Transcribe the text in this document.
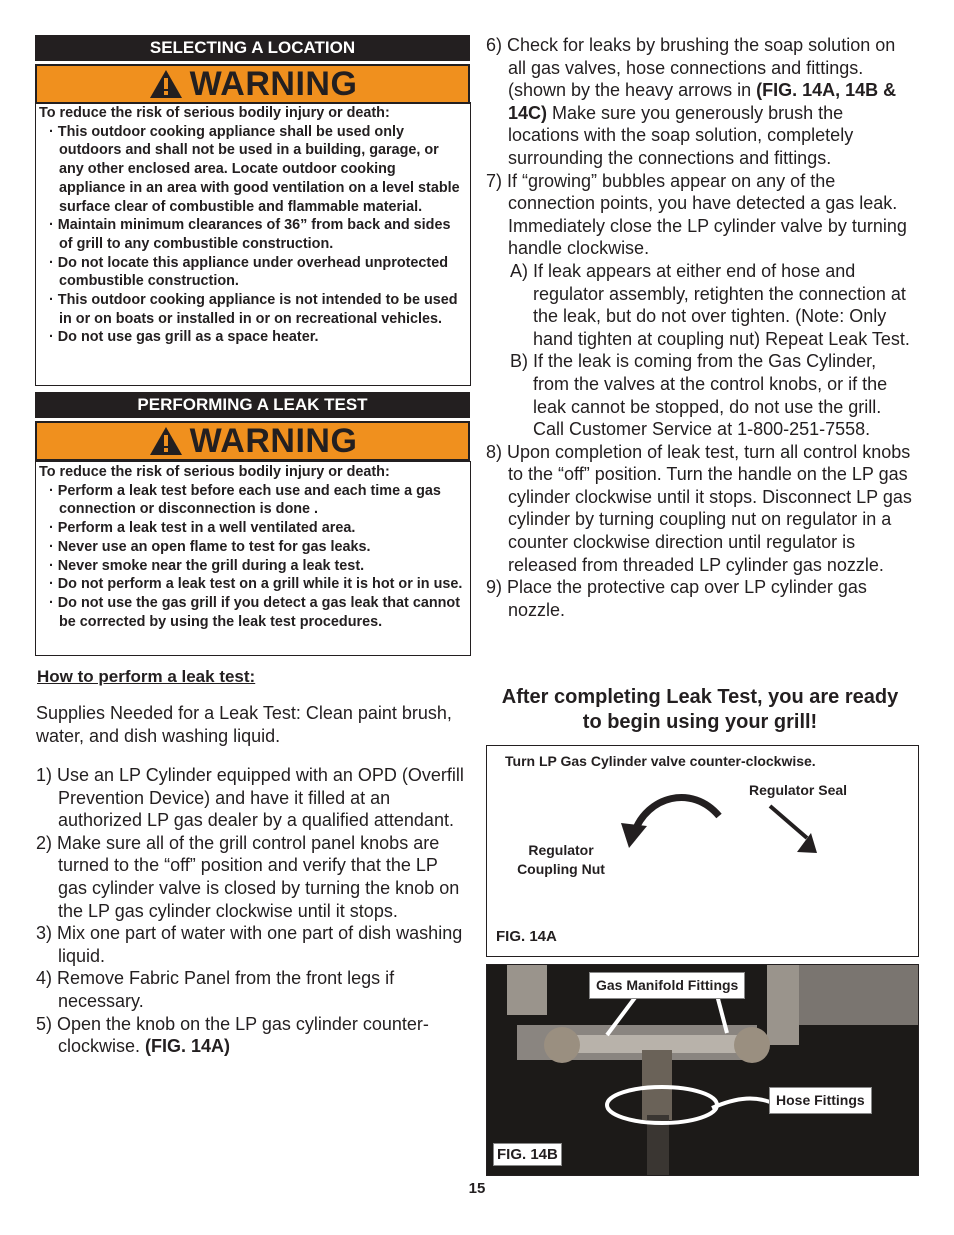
SELECTING A LOCATION
WARNING
To reduce the risk of serious bodily injury or death:
· This outdoor cooking appliance shall be used only outdoors and shall not be used in a building, garage, or any other enclosed area. Locate outdoor cooking appliance in an area with good ventilation on a level stable surface clear of combustible and flammable material.
· Maintain minimum clearances of 36” from back and sides of grill to any combustible construction.
· Do not locate this appliance under overhead unprotected combustible construction.
· This outdoor cooking appliance is not intended to be used in or on boats or installed in or on recreational vehicles.
· Do not use gas grill as a space heater.
PERFORMING A LEAK TEST
WARNING
To reduce the risk of serious bodily injury or death:
· Perform a leak test before each use and each time a gas connection or disconnection is done .
· Perform a leak test in a well ventilated area.
· Never use an open flame to test for gas leaks.
· Never smoke near the grill during a leak test.
· Do not perform a leak test on a grill while it is hot or in use.
· Do not use the gas grill if you detect a gas leak that cannot be corrected by using the leak test procedures.
How to perform a leak test:
Supplies Needed for a Leak Test: Clean paint brush, water, and dish washing liquid.
1) Use an LP Cylinder equipped with an OPD (Overfill Prevention Device) and have it filled at an authorized LP gas dealer by a qualified attendant.
2) Make sure all of the grill control panel knobs are turned to the “off” position and verify that the LP gas cylinder valve is closed by turning the knob on the LP gas cylinder clockwise until it stops.
3) Mix one part of water with one part of dish washing liquid.
4) Remove Fabric Panel from the front legs if necessary.
5) Open the knob on the LP gas cylinder counter-clockwise. (FIG. 14A)
6) Check for leaks by brushing the soap solution on all gas valves, hose connections and fittings. (shown by the heavy arrows in (FIG. 14A, 14B & 14C) Make sure you generously brush the locations with the soap solution, completely surrounding the connections and fittings.
7) If “growing” bubbles appear on any of the connection points, you have detected a gas leak. Immediately close the LP cylinder valve by turning handle clockwise.
A) If leak appears at either end of hose and regulator assembly, retighten the connection at the leak, but do not over tighten. (Note: Only hand tighten at coupling nut) Repeat Leak Test.
B) If the leak is coming from the Gas Cylinder, from the valves at the control knobs, or if the leak cannot be stopped, do not use the grill. Call Customer Service at 1-800-251-7558.
8) Upon completion of leak test, turn all control knobs to the “off” position. Turn the handle on the LP gas cylinder clockwise until it stops. Disconnect LP gas cylinder by turning coupling nut on regulator in a counter clockwise direction until regulator is released from threaded LP cylinder gas nozzle.
9) Place the protective cap over LP cylinder gas nozzle.
After completing Leak Test, you are ready to begin using your grill!
Turn LP Gas Cylinder valve counter-clockwise.
Regulator Seal
Regulator Coupling Nut
FIG. 14A
Gas Manifold Fittings
Hose Fittings
FIG. 14B
15
